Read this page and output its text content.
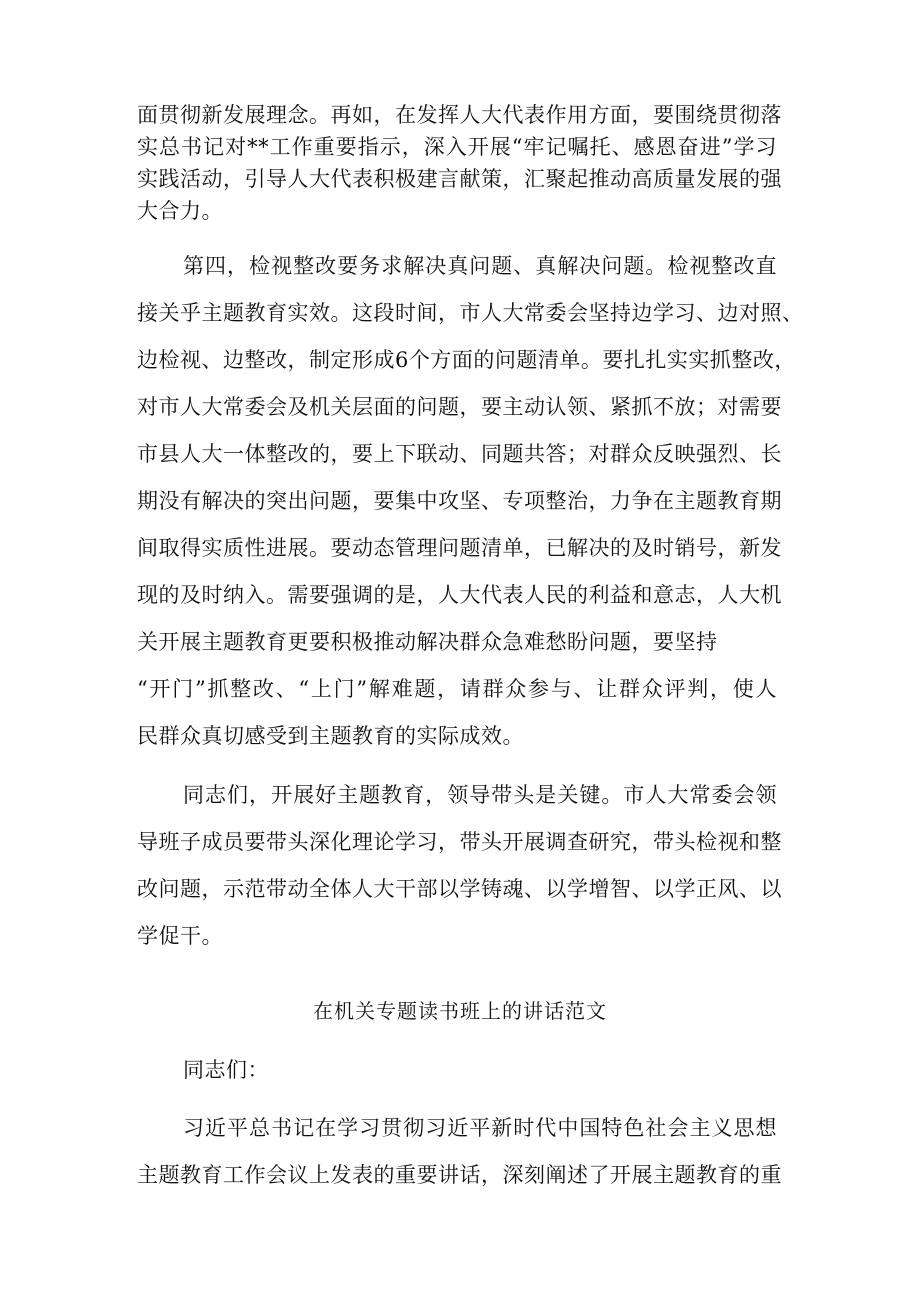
面贯彻新发展理念。再如，在发挥人大代表作用方面，要围绕贯彻落
实总书记对**工作重要指示，深入开展“牢记嘱托、感恩奋进”学习
实践活动，引导人大代表积极建言献策，汇聚起推动高质量发展的强
大合力。
第四，检视整改要务求解决真问题、真解决问题。检视整改直
接关乎主题教育实效。这段时间，市人大常委会坚持边学习、边对照、
边检视、边整改，制定形成6个方面的问题清单。要扎扎实实抓整改，
对市人大常委会及机关层面的问题，要主动认领、紧抓不放；对需要
市县人大一体整改的，要上下联动、同题共答；对群众反映强烈、长
期没有解决的突出问题，要集中攻坚、专项整治，力争在主题教育期
间取得实质性进展。要动态管理问题清单，已解决的及时销号，新发
现的及时纳入。需要强调的是，人大代表人民的利益和意志，人大机
关开展主题教育更要积极推动解决群众急难愁盼问题，要坚持
“开门”抓整改、“上门”解难题，请群众参与、让群众评判，使人
民群众真切感受到主题教育的实际成效。
同志们，开展好主题教育，领导带头是关键。市人大常委会领
导班子成员要带头深化理论学习，带头开展调查研究，带头检视和整
改问题，示范带动全体人大干部以学铸魂、以学增智、以学正风、以
学促干。
在机关专题读书班上的讲话范文
同志们：
习近平总书记在学习贯彻习近平新时代中国特色社会主义思想
主题教育工作会议上发表的重要讲话，深刻阐述了开展主题教育的重
